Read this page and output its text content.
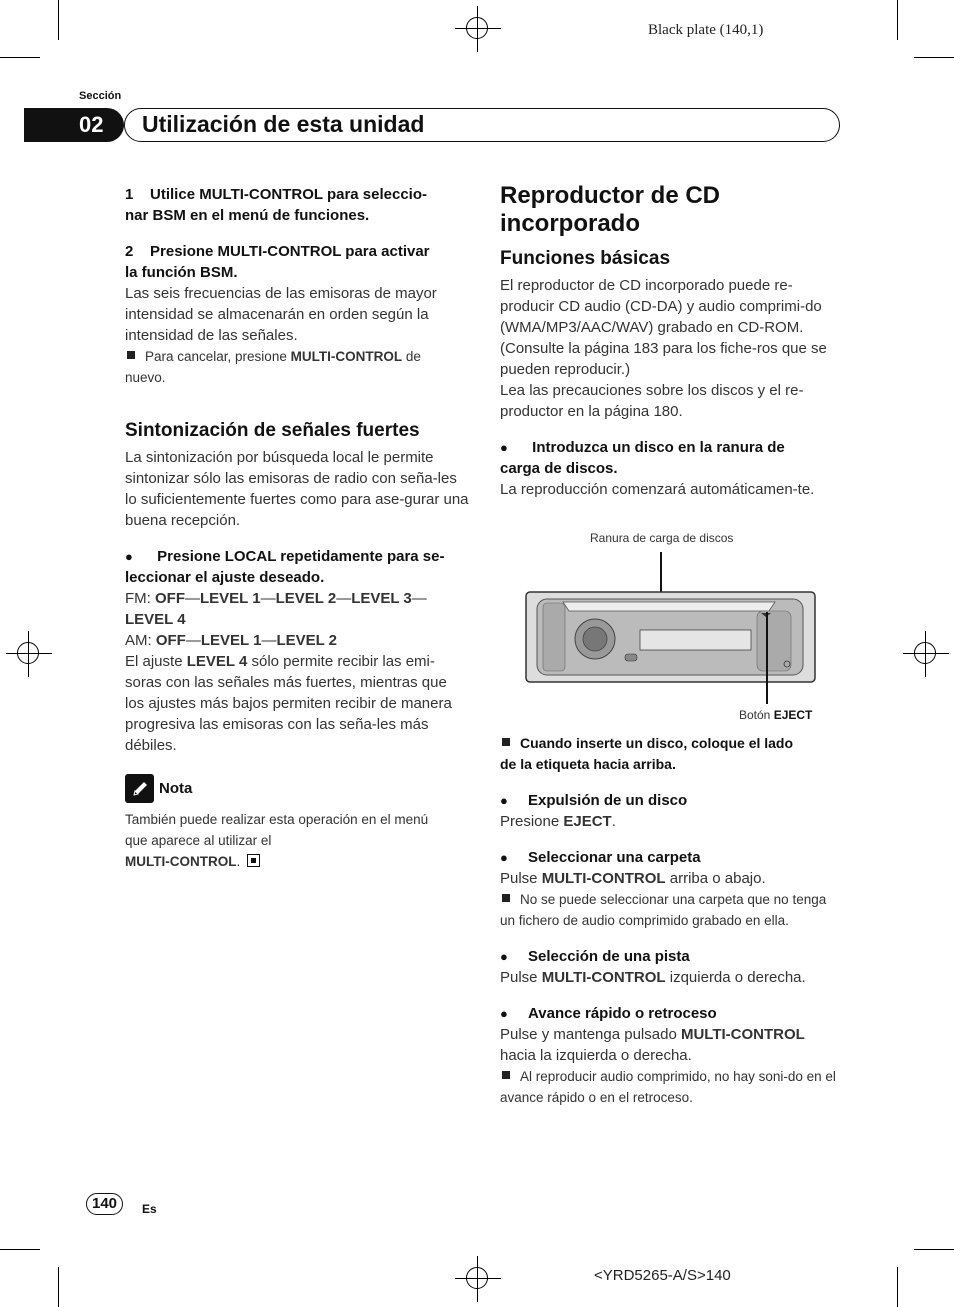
Black plate (140,1)
Sección
02 Utilización de esta unidad
1 Utilice MULTI-CONTROL para seleccio-
nar BSM en el menú de funciones.
2 Presione MULTI-CONTROL para activar
la función BSM.
Las seis frecuencias de las emisoras de mayor intensidad se almacenarán en orden según la intensidad de las señales.
Para cancelar, presione MULTI-CONTROL de
nuevo.
Sintonización de señales fuertes
La sintonización por búsqueda local le permite sintonizar sólo las emisoras de radio con seña-les lo suficientemente fuertes como para ase-gurar una buena recepción.
● Presione LOCAL repetidamente para se-
leccionar el ajuste deseado.
FM: OFF—LEVEL 1—LEVEL 2—LEVEL 3—
LEVEL 4
AM: OFF—LEVEL 1—LEVEL 2
El ajuste LEVEL 4 sólo permite recibir las emi- soras con las señales más fuertes, mientras que los ajustes más bajos permiten recibir de manera progresiva las emisoras con las seña-les más débiles.
Nota
También puede realizar esta operación en el menú que aparece al utilizar el
MULTI-CONTROL.
Reproductor de CD
incorporado
Funciones básicas
El reproductor de CD incorporado puede re-producir CD audio (CD-DA) y audio comprimi-do (WMA/MP3/AAC/WAV) grabado en CD-ROM. (Consulte la página 183 para los fiche-ros que se pueden reproducir.)
Lea las precauciones sobre los discos y el re-productor en la página 180.
● Introduzca un disco en la ranura de
carga de discos.
La reproducción comenzará automáticamen-te.
Ranura de carga de discos
Botón EJECT
Cuando inserte un disco, coloque el lado
de la etiqueta hacia arriba.
● Expulsión de un disco
Presione EJECT.
● Seleccionar una carpeta
Pulse MULTI-CONTROL arriba o abajo.
No se puede seleccionar una carpeta que no tenga un fichero de audio comprimido grabado en ella.
● Selección de una pista
Pulse MULTI-CONTROL izquierda o derecha.
● Avance rápido o retroceso
Pulse y mantenga pulsado MULTI-CONTROL
hacia la izquierda o derecha.
Al reproducir audio comprimido, no hay soni-do en el avance rápido o en el retroceso.
140	Es
<YRD5265-A/S>140
